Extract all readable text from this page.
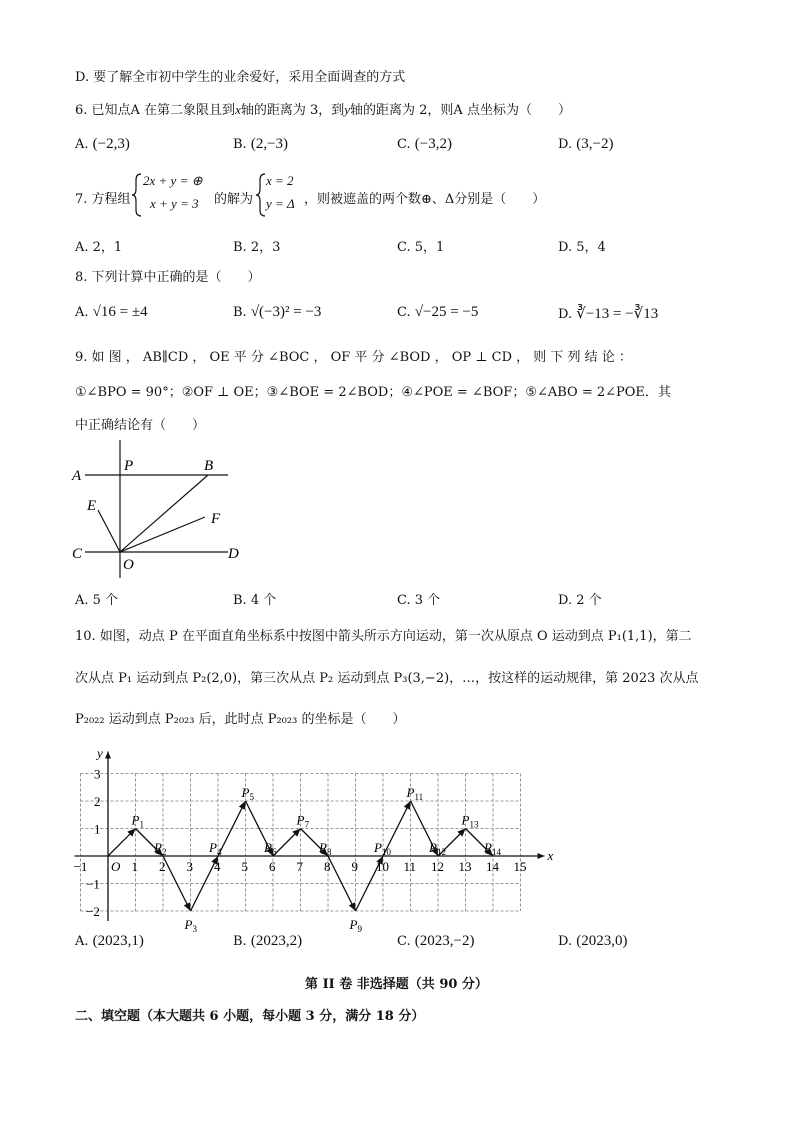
D. 要了解全市初中学生的业余爱好，采用全面调查的方式
6. 已知点A 在第二象限且到x轴的距离为 3，到y轴的距离为 2，则A 点坐标为（　　）
A. (−2,3)	B. (2,−3)	C. (−3,2)	D. (3,−2)
7. 方程组
2x + y = ⊕
x + y = 3 的解为
x = 2
y = Δ ，则被遮盖的两个数⊕、Δ分别是（　　）
A. 2，1	B. 2，3	C. 5，1	D. 5，4
8. 下列计算中正确的是（　　）
A. √16 = ±4	B. √(−3)² = −3	C. √−25 = −5	D. ∛−13 = −∛13
9. 如 图 ， AB∥CD ， OE 平 分 ∠BOC ， OF 平 分 ∠BOD ， OP ⊥ CD ， 则 下 列 结 论 ：
①∠BPO = 90°；②OF ⊥ OE；③∠BOE = 2∠BOD；④∠POE = ∠BOF；⑤∠ABO = 2∠POE．其
中正确结论有（　　）
A
P	B
E
F
C
O
D
A. 5 个	B. 4 个	C. 3 个	D. 2 个
10. 如图，动点 P 在平面直角坐标系中按图中箭头所示方向运动，第一次从原点 O 运动到点 P₁(1,1)，第二
次从点 P₁ 运动到点 P₂(2,0)，第三次从点 P₂ 运动到点 P₃(3,−2)，…，按这样的运动规律，第 2023 次从点
P₂₀₂₂ 运动到点 P₂₀₂₃ 后，此时点 P₂₀₂₃ 的坐标是（　　）
x
y
−1 O 1 2 3 4 5 6 7 8 9 10 11 12 13 14 15
3
2
1
−1
−2
$P_1$
$P_2$
$P_3$
$P_4$
$P_5$
$P_6$
$P_7$
$P_8$
$P_9$
$P_{10}$
$P_{11}$
$P_{12}$
$P_{13}$
$P_{14}$
A. (2023,1)	B. (2023,2)	C. (2023,−2)	D. (2023,0)
第 II 卷 非选择题（共 90 分）
二、填空题（本大题共 6 小题，每小题 3 分，满分 18 分）
